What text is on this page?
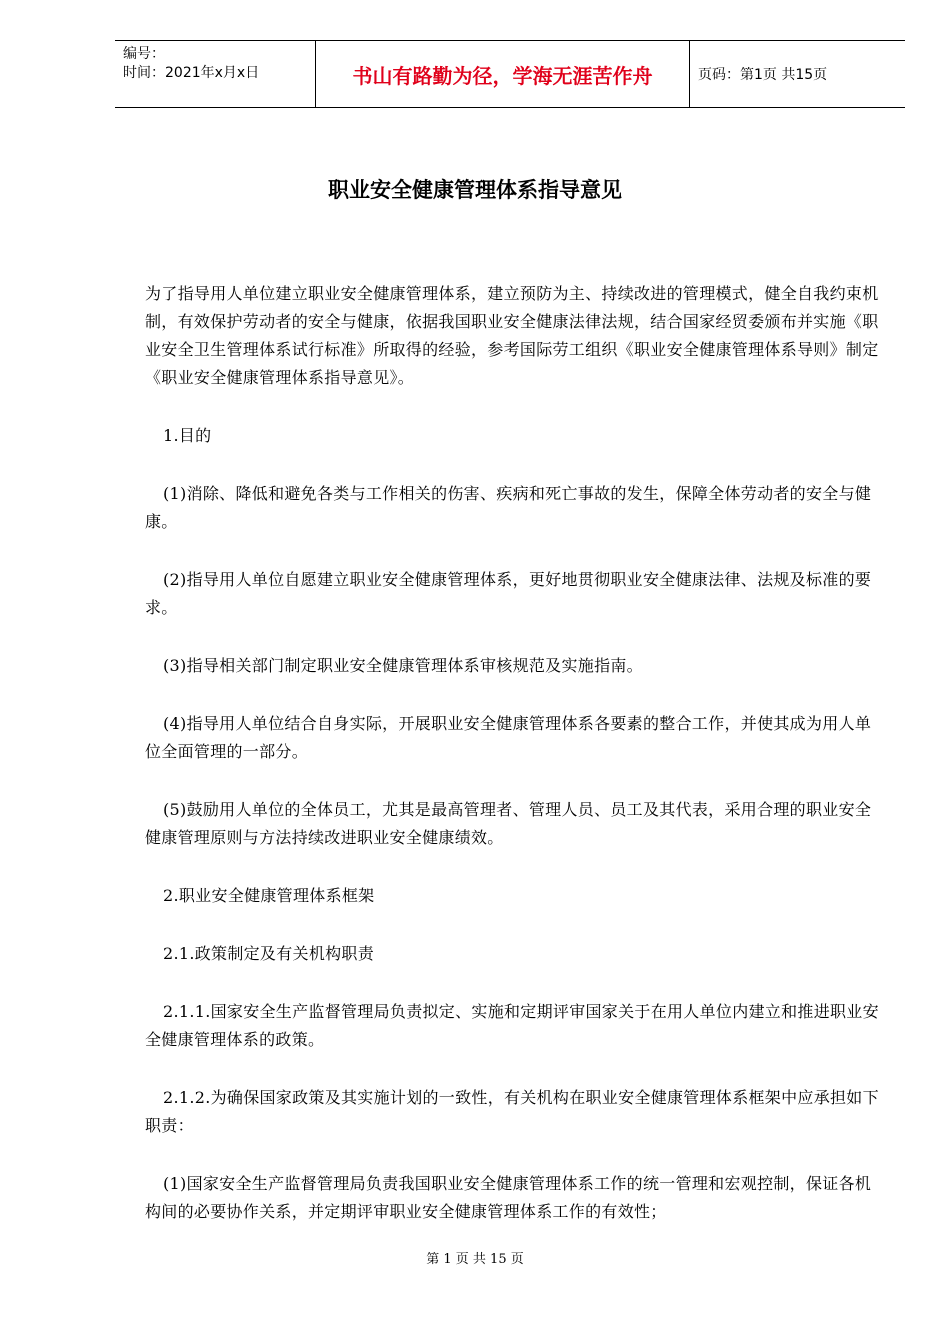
编号：
时间：2021年x月x日	书山有路勤为径，学海无涯苦作舟	页码：第1页 共15页
职业安全健康管理体系指导意见

为了指导用人单位建立职业安全健康管理体系，建立预防为主、持续改进的管理模式，健全自我约束机制，有效保护劳动者的安全与健康，依据我国职业安全健康法律法规，结合国家经贸委颁布并实施《职业安全卫生管理体系试行标准》所取得的经验，参考国际劳工组织《职业安全健康管理体系导则》制定《职业安全健康管理体系指导意见》。

1.目的

(1)消除、降低和避免各类与工作相关的伤害、疾病和死亡事故的发生，保障全体劳动者的安全与健康。

(2)指导用人单位自愿建立职业安全健康管理体系，更好地贯彻职业安全健康法律、法规及标准的要求。

(3)指导相关部门制定职业安全健康管理体系审核规范及实施指南。

(4)指导用人单位结合自身实际，开展职业安全健康管理体系各要素的整合工作，并使其成为用人单位全面管理的一部分。

(5)鼓励用人单位的全体员工，尤其是最高管理者、管理人员、员工及其代表，采用合理的职业安全健康管理原则与方法持续改进职业安全健康绩效。

2.职业安全健康管理体系框架

2.1.政策制定及有关机构职责

2.1.1.国家安全生产监督管理局负责拟定、实施和定期评审国家关于在用人单位内建立和推进职业安全健康管理体系的政策。

2.1.2.为确保国家政策及其实施计划的一致性，有关机构在职业安全健康管理体系框架中应承担如下职责：

(1)国家安全生产监督管理局负责我国职业安全健康管理体系工作的统一管理和宏观控制，保证各机构间的必要协作关系，并定期评审职业安全健康管理体系工作的有效性；

第 1 页 共 15 页
